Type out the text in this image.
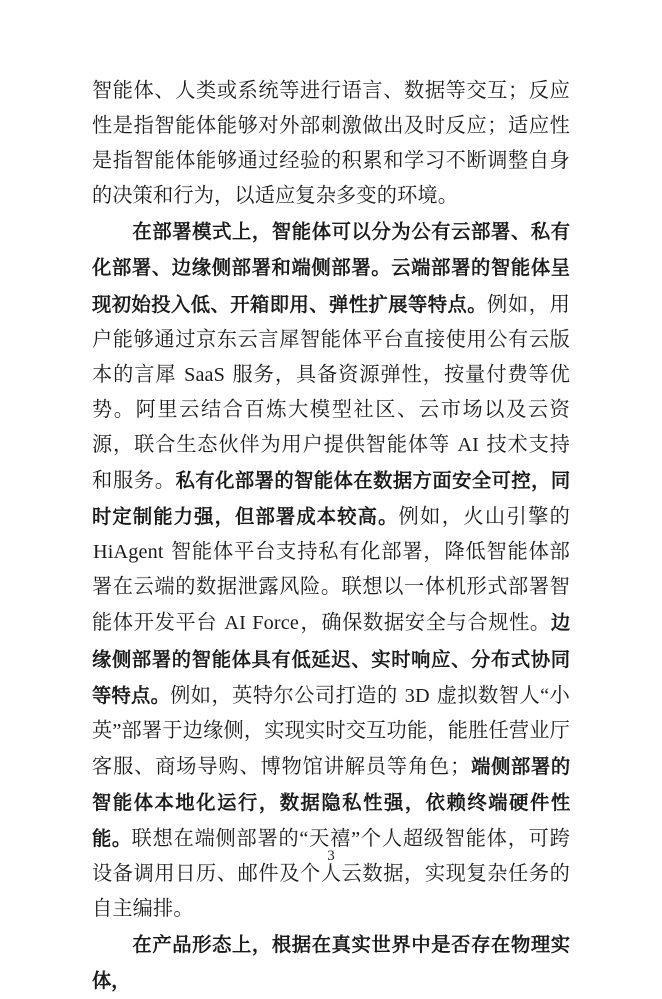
智能体、人类或系统等进行语言、数据等交互；反应性是指智能体能够对外部刺激做出及时反应；适应性是指智能体能够通过经验的积累和学习不断调整自身的决策和行为，以适应复杂多变的环境。

在部署模式上，智能体可以分为公有云部署、私有化部署、边缘侧部署和端侧部署。云端部署的智能体呈现初始投入低、开箱即用、弹性扩展等特点。例如，用户能够通过京东云言犀智能体平台直接使用公有云版本的言犀 SaaS 服务，具备资源弹性，按量付费等优势。阿里云结合百炼大模型社区、云市场以及云资源，联合生态伙伴为用户提供智能体等 AI 技术支持和服务。私有化部署的智能体在数据方面安全可控，同时定制能力强，但部署成本较高。例如，火山引擎的 HiAgent 智能体平台支持私有化部署，降低智能体部署在云端的数据泄露风险。联想以一体机形式部署智能体开发平台 AI Force，确保数据安全与合规性。边缘侧部署的智能体具有低延迟、实时响应、分布式协同等特点。例如，英特尔公司打造的 3D 虚拟数智人“小英”部署于边缘侧，实现实时交互功能，能胜任营业厅客服、商场导购、博物馆讲解员等角色；端侧部署的智能体本地化运行，数据隐私性强，依赖终端硬件性能。联想在端侧部署的“天禧”个人超级智能体，可跨设备调用日历、邮件及个人云数据，实现复杂任务的自主编排。

在产品形态上，根据在真实世界中是否存在物理实体，

3
